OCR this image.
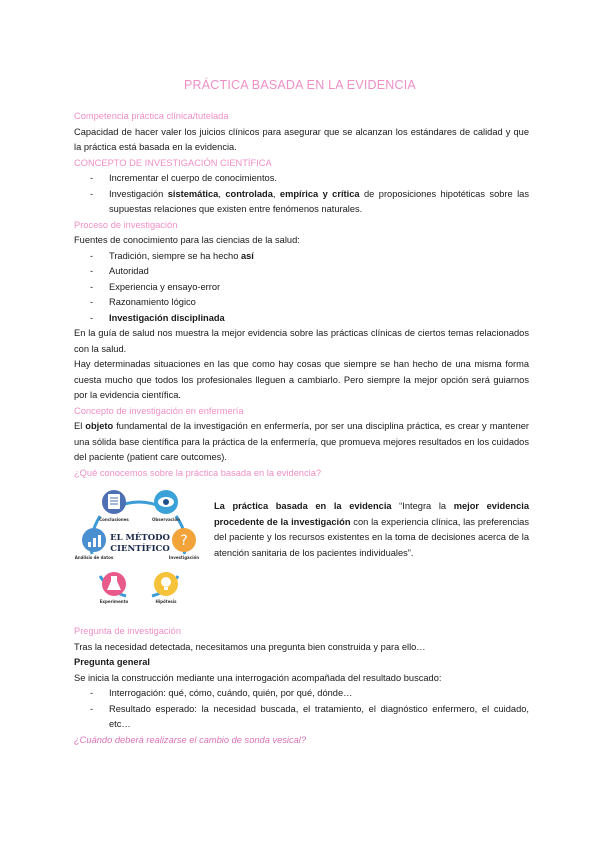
PRÁCTICA BASADA EN LA EVIDENCIA

Competencia práctica clínica/tutelada

Capacidad de hacer valer los juicios clínicos para asegurar que se alcanzan los estándares de calidad y que la práctica está basada en la evidencia.

CONCEPTO DE INVESTIGACIÓN CIENTÍFICA

- Incrementar el cuerpo de conocimientos.
- Investigación sistemática, controlada, empírica y crítica de proposiciones hipotéticas sobre las supuestas relaciones que existen entre fenómenos naturales.

Proceso de investigación

Fuentes de conocimiento para las ciencias de la salud:

- Tradición, siempre se ha hecho así
- Autoridad
- Experiencia y ensayo-error
- Razonamiento lógico
- Investigación disciplinada

En la guía de salud nos muestra la mejor evidencia sobre las prácticas clínicas de ciertos temas relacionados con la salud.

Hay determinadas situaciones en las que como hay cosas que siempre se han hecho de una misma forma cuesta mucho que todos los profesionales lleguen a cambiarlo. Pero siempre la mejor opción será guiarnos por la evidencia científica.

Concepto de investigación en enfermería

El objeto fundamental de la investigación en enfermería, por ser una disciplina práctica, es crear y mantener una sólida base científica para la práctica de la enfermería, que promueva mejores resultados en los cuidados del paciente (patient care outcomes).

¿Qué conocemos sobre la práctica basada en la evidencia?

?
EL MÉTODO
CIENTÍFICO
Observación
Investigación
Hipótesis
Experimento
Análisis de datos
Conclusiones

La práctica basada en la evidencia “Integra la mejor evidencia procedente de la investigación con la experiencia clínica, las preferencias del paciente y los recursos existentes en la toma de decisiones acerca de la atención sanitaria de los pacientes individuales”.

Pregunta de investigación

Tras la necesidad detectada, necesitamos una pregunta bien construida y para ello…

Pregunta general

Se inicia la construcción mediante una interrogación acompañada del resultado buscado:

- Interrogación: qué, cómo, cuándo, quién, por qué, dónde…
- Resultado esperado: la necesidad buscada, el tratamiento, el diagnóstico enfermero, el cuidado, etc…

¿Cuándo deberá realizarse el cambio de sonda vesical?
